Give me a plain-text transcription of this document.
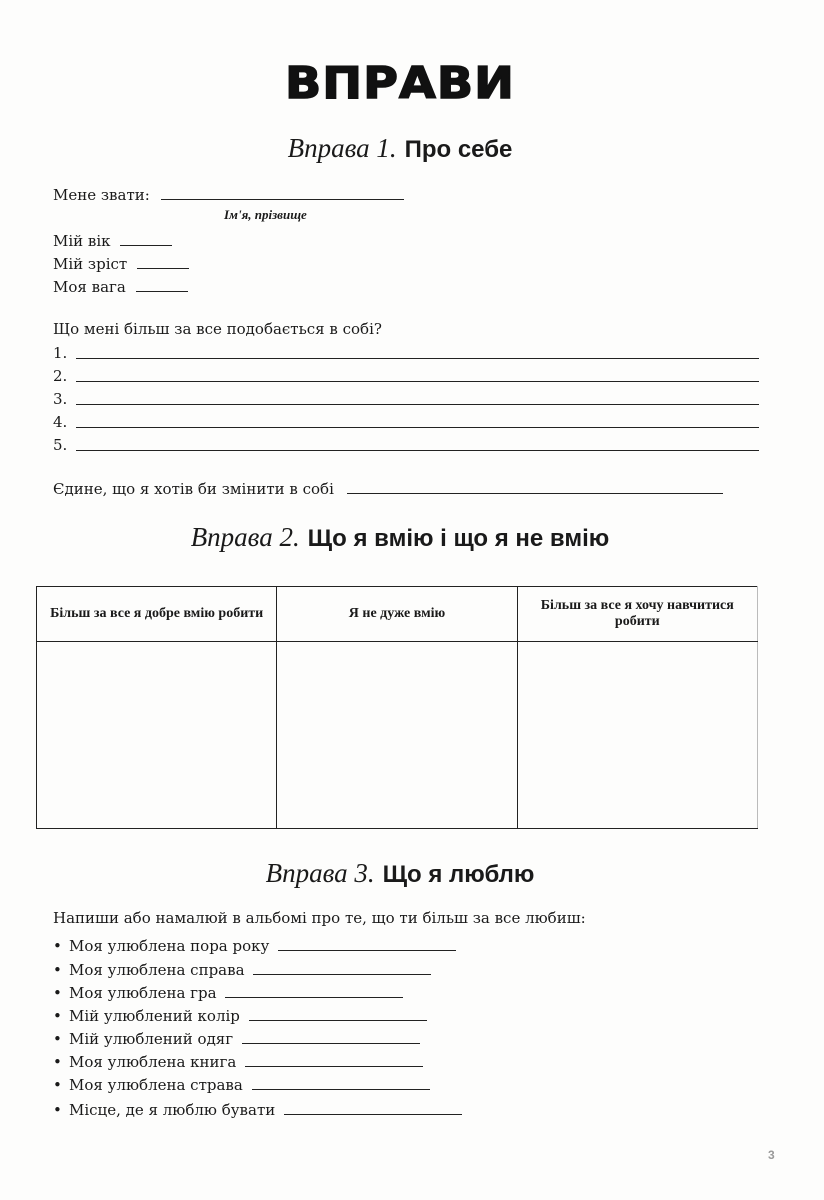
ВПРАВИ
Вправа 1. Про себе
Мене звати:
Ім'я, прізвище
Мій вік
Мій зріст
Моя вага
Що мені більш за все подобається в собі?
1.
2.
3.
4.
5.
Єдине, що я хотів би змінити в собі
Вправа 2. Що я вмію і що я не вмію
Більш за все я добре вмію робити	Я не дуже вмію	Більш за все я хочу навчитися робити

Вправа 3. Що я люблю
Напиши або намалюй в альбомі про те, що ти більш за все любиш:
• Моя улюблена пора року
• Моя улюблена справа
• Моя улюблена гра
• Мій улюблений колір
• Мій улюблений одяг
• Моя улюблена книга
• Моя улюблена страва
• Місце, де я люблю бувати
3
